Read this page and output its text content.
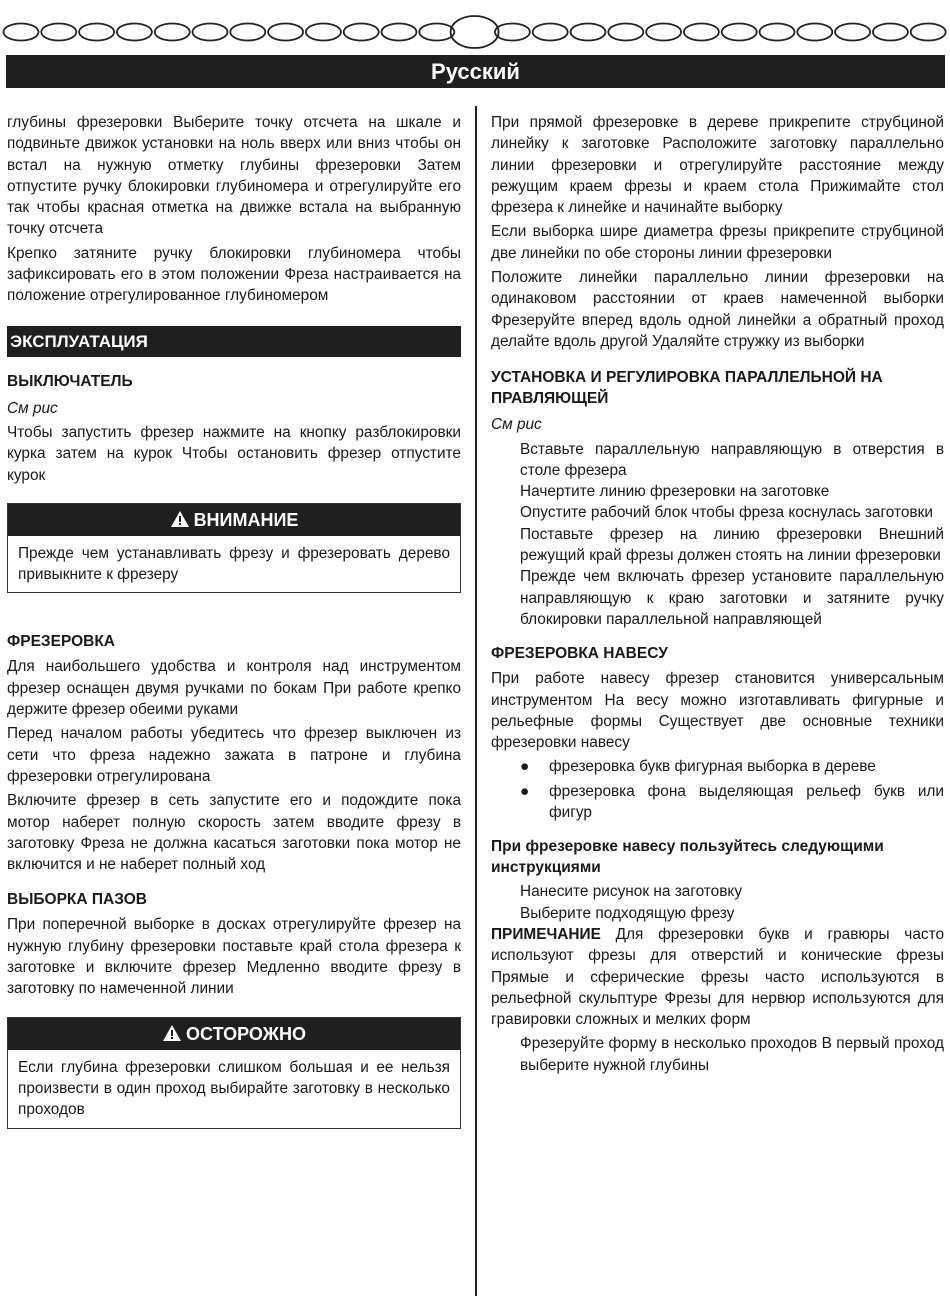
Русский

глубины фрезеровки Выберите точку отсчета на шкале и подвиньте движок установки на ноль вверх или вниз чтобы он встал на нужную отметку глубины фрезеровки Затем отпустите ручку блокировки глубиномера и отрегулируйте его так чтобы красная отметка на движке встала на выбранную точку отсчета

Крепко затяните ручку блокировки глубиномера чтобы зафиксировать его в этом положении Фреза настраивается на положение отрегулированное глубиномером

ЭКСПЛУАТАЦИЯ
ВЫКЛЮЧАТЕЛЬ

См рис

Чтобы запустить фрезер нажмите на кнопку разблокировки курка затем на курок Чтобы остановить фрезер отпустите курок

ВНИМАНИЕ

Прежде чем устанавливать фрезу и фрезеровать дерево привыкните к фрезеру

ФРЕЗЕРОВКА

Для наибольшего удобства и контроля над инструментом фрезер оснащен двумя ручками по бокам При работе крепко держите фрезер обеими руками

Перед началом работы убедитесь что фрезер выключен из сети что фреза надежно зажата в патроне и глубина фрезеровки отрегулирована

Включите фрезер в сеть запустите его и подождите пока мотор наберет полную скорость затем вводите фрезу в заготовку Фреза не должна касаться заготовки пока мотор не включится и не наберет полный ход

ВЫБОРКА ПАЗОВ

При поперечной выборке в досках отрегулируйте фрезер на нужную глубину фрезеровки поставьте край стола фрезера к заготовке и включите фрезер Медленно вводите фрезу в заготовку по намеченной линии

ОСТОРОЖНО

Если глубина фрезеровки слишком большая и ее нельзя произвести в один проход выбирайте заготовку в несколько проходов

При прямой фрезеровке в дереве прикрепите струбциной линейку к заготовке Расположите заготовку параллельно линии фрезеровки и отрегулируйте расстояние между режущим краем фрезы и краем стола Прижимайте стол фрезера к линейке и начинайте выборку

Если выборка шире диаметра фрезы прикрепите струбциной две линейки по обе стороны линии фрезеровки

Положите линейки параллельно линии фрезеровки на одинаковом расстоянии от краев намеченной выборки Фрезеруйте вперед вдоль одной линейки а обратный проход делайте вдоль другой Удаляйте стружку из выборки

УСТАНОВКА И РЕГУЛИРОВКА ПАРАЛЛЕЛЬНОЙ НА ПРАВЛЯЮЩЕЙ

См рис

Вставьте параллельную направляющую в отверстия в столе фрезера

Начертите линию фрезеровки на заготовке

Опустите рабочий блок чтобы фреза коснулась заготовки

Поставьте фрезер на линию фрезеровки Внешний режущий край фрезы должен стоять на линии фрезеровки

Прежде чем включать фрезер установите параллельную направляющую к краю заготовки и затяните ручку блокировки параллельной направляющей

ФРЕЗЕРОВКА НАВЕСУ

При работе навесу фрезер становится универсальным инструментом На весу можно изготавливать фигурные и рельефные формы Существует две основные техники фрезеровки навесу

● фрезеровка букв фигурная выборка в дереве
● фрезеровка фона выделяющая рельеф букв или фигур
При фрезеровке навесу пользуйтесь следующими инструкциями

Нанесите рисунок на заготовку

Выберите подходящую фрезу

ПРИМЕЧАНИЕ Для фрезеровки букв и гравюры часто используют фрезы для отверстий и конические фрезы Прямые и сферические фрезы часто используются в рельефной скульптуре Фрезы для нервюр используются для гравировки сложных и мелких форм

Фрезеруйте форму в несколько проходов В первый проход выберите нужной глубины
